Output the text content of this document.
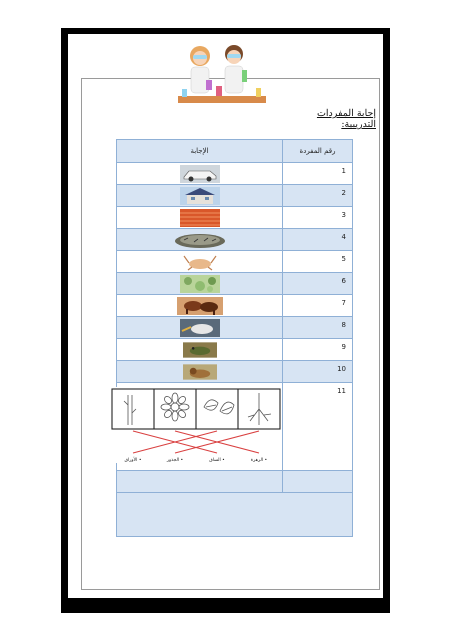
إجابة المفردات التدريبية:
رقم المفردة	الإجابة
1	
2	
3	
4	
5	
6	
7	
8	
9	
10	
11	• الأوراق • الجذور • الساق • الزهرة
